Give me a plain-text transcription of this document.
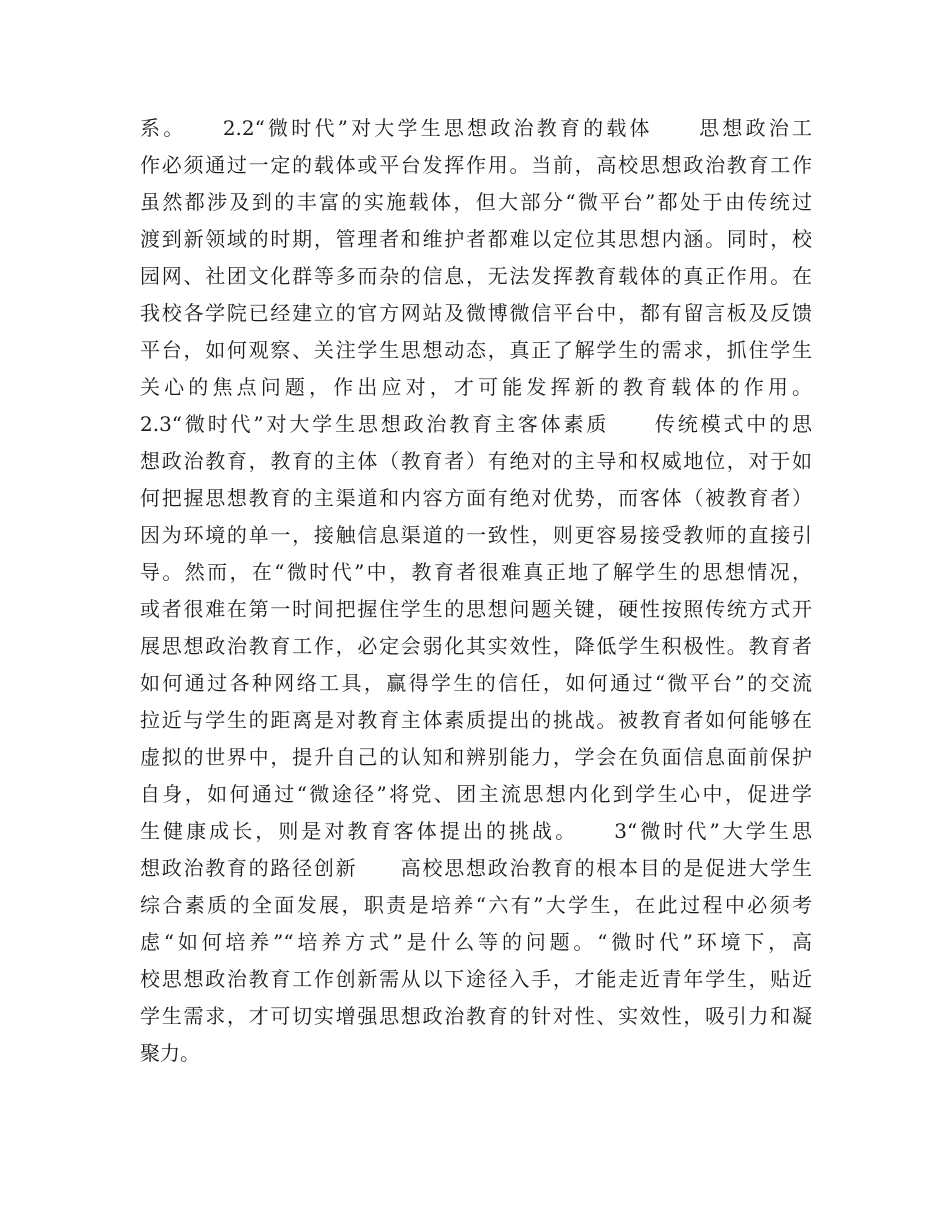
系。　　2.2“微时代”对大学生思想政治教育的载体　　思想政治工
作必须通过一定的载体或平台发挥作用。当前，高校思想政治教育工作
虽然都涉及到的丰富的实施载体，但大部分“微平台”都处于由传统过
渡到新领域的时期，管理者和维护者都难以定位其思想内涵。同时，校
园网、社团文化群等多而杂的信息，无法发挥教育载体的真正作用。在
我校各学院已经建立的官方网站及微博微信平台中，都有留言板及反馈
平台，如何观察、关注学生思想动态，真正了解学生的需求，抓住学生
关心的焦点问题，作出应对，才可能发挥新的教育载体的作用。
2.3“微时代”对大学生思想政治教育主客体素质　　传统模式中的思
想政治教育，教育的主体（教育者）有绝对的主导和权威地位，对于如
何把握思想教育的主渠道和内容方面有绝对优势，而客体（被教育者）
因为环境的单一，接触信息渠道的一致性，则更容易接受教师的直接引
导。然而，在“微时代”中，教育者很难真正地了解学生的思想情况，
或者很难在第一时间把握住学生的思想问题关键，硬性按照传统方式开
展思想政治教育工作，必定会弱化其实效性，降低学生积极性。教育者
如何通过各种网络工具，赢得学生的信任，如何通过“微平台”的交流
拉近与学生的距离是对教育主体素质提出的挑战。被教育者如何能够在
虚拟的世界中，提升自己的认知和辨别能力，学会在负面信息面前保护
自身，如何通过“微途径”将党、团主流思想内化到学生心中，促进学
生健康成长，则是对教育客体提出的挑战。　　3“微时代”大学生思
想政治教育的路径创新　　高校思想政治教育的根本目的是促进大学生
综合素质的全面发展，职责是培养“六有”大学生，在此过程中必须考
虑“如何培养”“培养方式”是什么等的问题。“微时代”环境下，高
校思想政治教育工作创新需从以下途径入手，才能走近青年学生，贴近
学生需求，才可切实增强思想政治教育的针对性、实效性，吸引力和凝
聚力。
